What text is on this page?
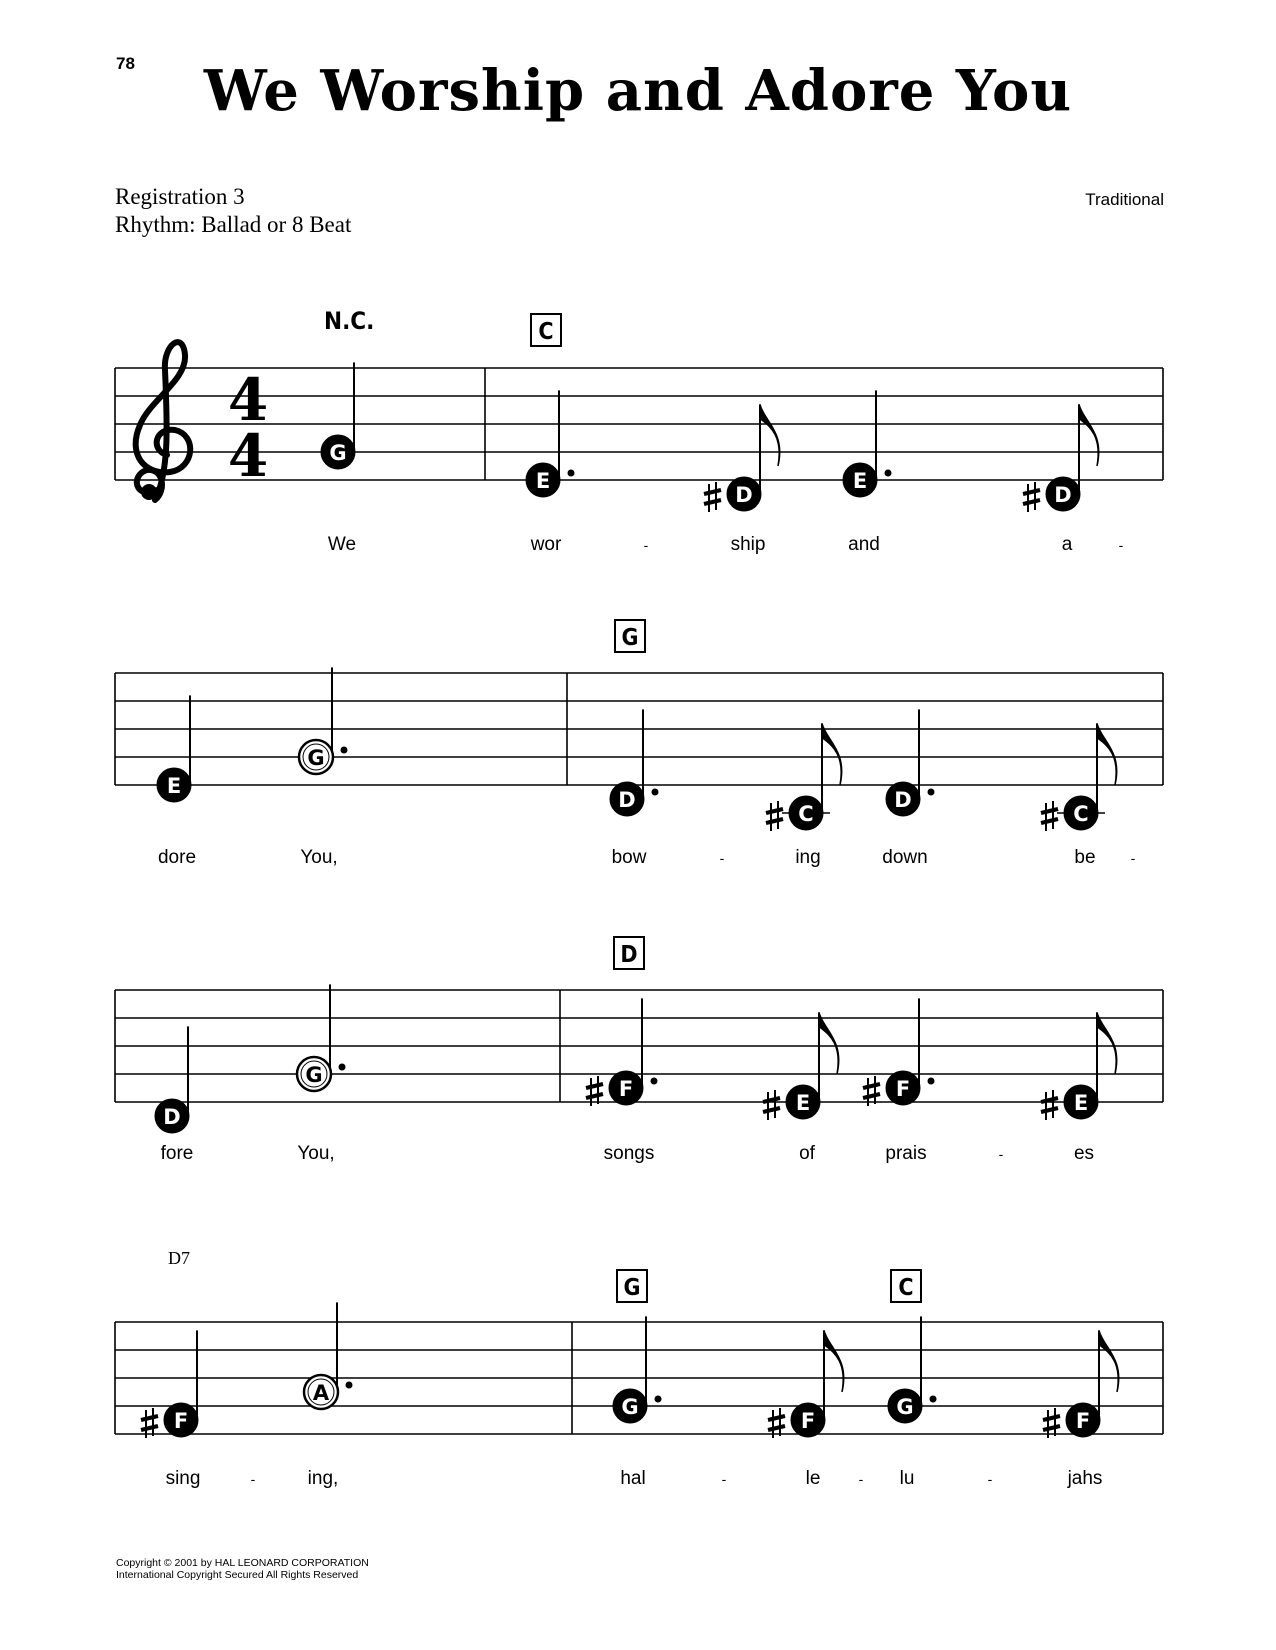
78	We Worship and Adore You
Registration 3
Rhythm: Ballad or 8 Beat
Traditional
N.C.	C
We	wor	-	ship	and	a	-
4
4	G
E
D
E
D
G
dore	You,	bow	-	ing	down	be	-
E
G
D
C
D
C
D
fore	You,	songs	of	prais	-	es
D
G
F
E
F
E
D7
G	C
sing	-	ing,	hal	-	le	- lu	-	jahs
F
A
G
F
G
F
Copyright © 2001 by HAL LEONARD CORPORATION
International Copyright Secured All Rights Reserved
